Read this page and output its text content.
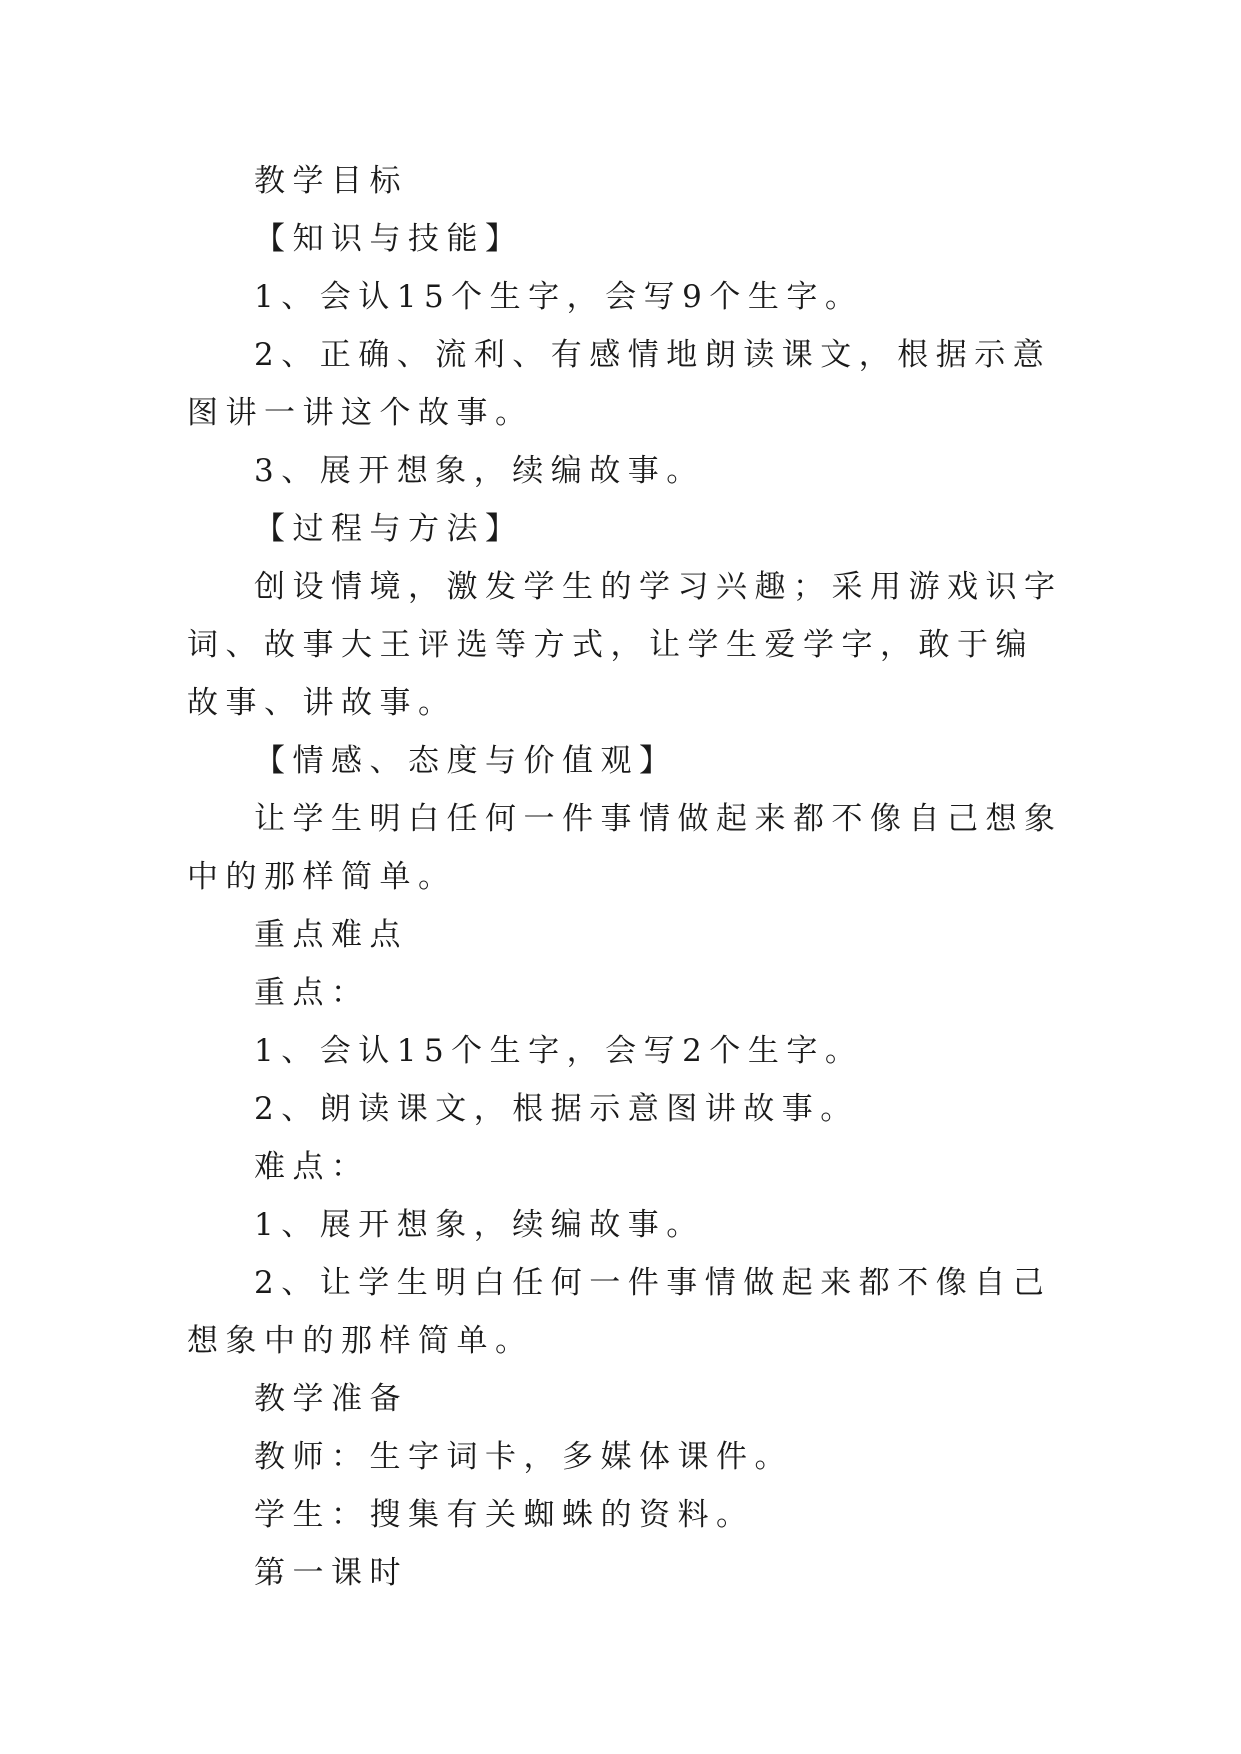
教学目标

【知识与技能】

1、会认15个生字，会写9个生字。

2、正确、流利、有感情地朗读课文，根据示意图讲一讲这个故事。

3、展开想象，续编故事。

【过程与方法】

创设情境，激发学生的学习兴趣；采用游戏识字词、故事大王评选等方式，让学生爱学字，敢于编故事、讲故事。

【情感、态度与价值观】

让学生明白任何一件事情做起来都不像自己想象中的那样简单。

重点难点

重点：

1、会认15个生字，会写2个生字。

2、朗读课文，根据示意图讲故事。

难点：

1、展开想象，续编故事。

2、让学生明白任何一件事情做起来都不像自己想象中的那样简单。

教学准备

教师：生字词卡，多媒体课件。

学生：搜集有关蜘蛛的资料。

第一课时
